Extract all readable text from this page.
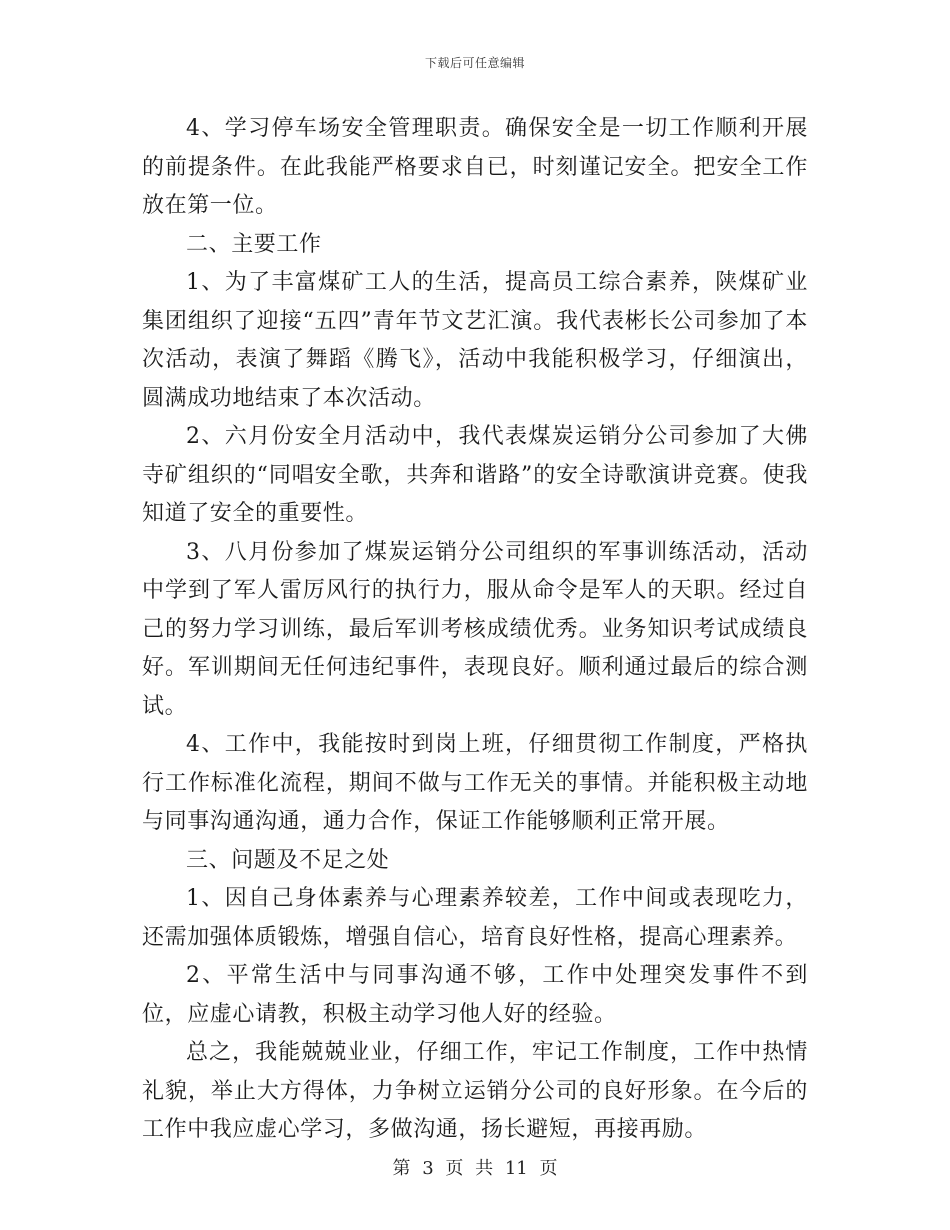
下载后可任意编辑

4、学习停车场安全管理职责。确保安全是一切工作顺利开展的前提条件。在此我能严格要求自已，时刻谨记安全。把安全工作放在第一位。

二、主要工作

1、为了丰富煤矿工人的生活，提高员工综合素养，陕煤矿业集团组织了迎接“五四”青年节文艺汇演。我代表彬长公司参加了本次活动，表演了舞蹈《腾飞》，活动中我能积极学习，仔细演出，圆满成功地结束了本次活动。

2、六月份安全月活动中，我代表煤炭运销分公司参加了大佛寺矿组织的“同唱安全歌，共奔和谐路”的安全诗歌演讲竞赛。使我知道了安全的重要性。

3、八月份参加了煤炭运销分公司组织的军事训练活动，活动中学到了军人雷厉风行的执行力，服从命令是军人的天职。经过自己的努力学习训练，最后军训考核成绩优秀。业务知识考试成绩良好。军训期间无任何违纪事件，表现良好。顺利通过最后的综合测试。

4、工作中，我能按时到岗上班，仔细贯彻工作制度，严格执行工作标准化流程，期间不做与工作无关的事情。并能积极主动地与同事沟通沟通，通力合作，保证工作能够顺利正常开展。

三、问题及不足之处

1、因自己身体素养与心理素养较差，工作中间或表现吃力，还需加强体质锻炼，增强自信心，培育良好性格，提高心理素养。

2、平常生活中与同事沟通不够，工作中处理突发事件不到位，应虚心请教，积极主动学习他人好的经验。

总之，我能兢兢业业，仔细工作，牢记工作制度，工作中热情礼貌，举止大方得体，力争树立运销分公司的良好形象。在今后的工作中我应虚心学习，多做沟通，扬长避短，再接再励。

第 3 页 共 11 页
